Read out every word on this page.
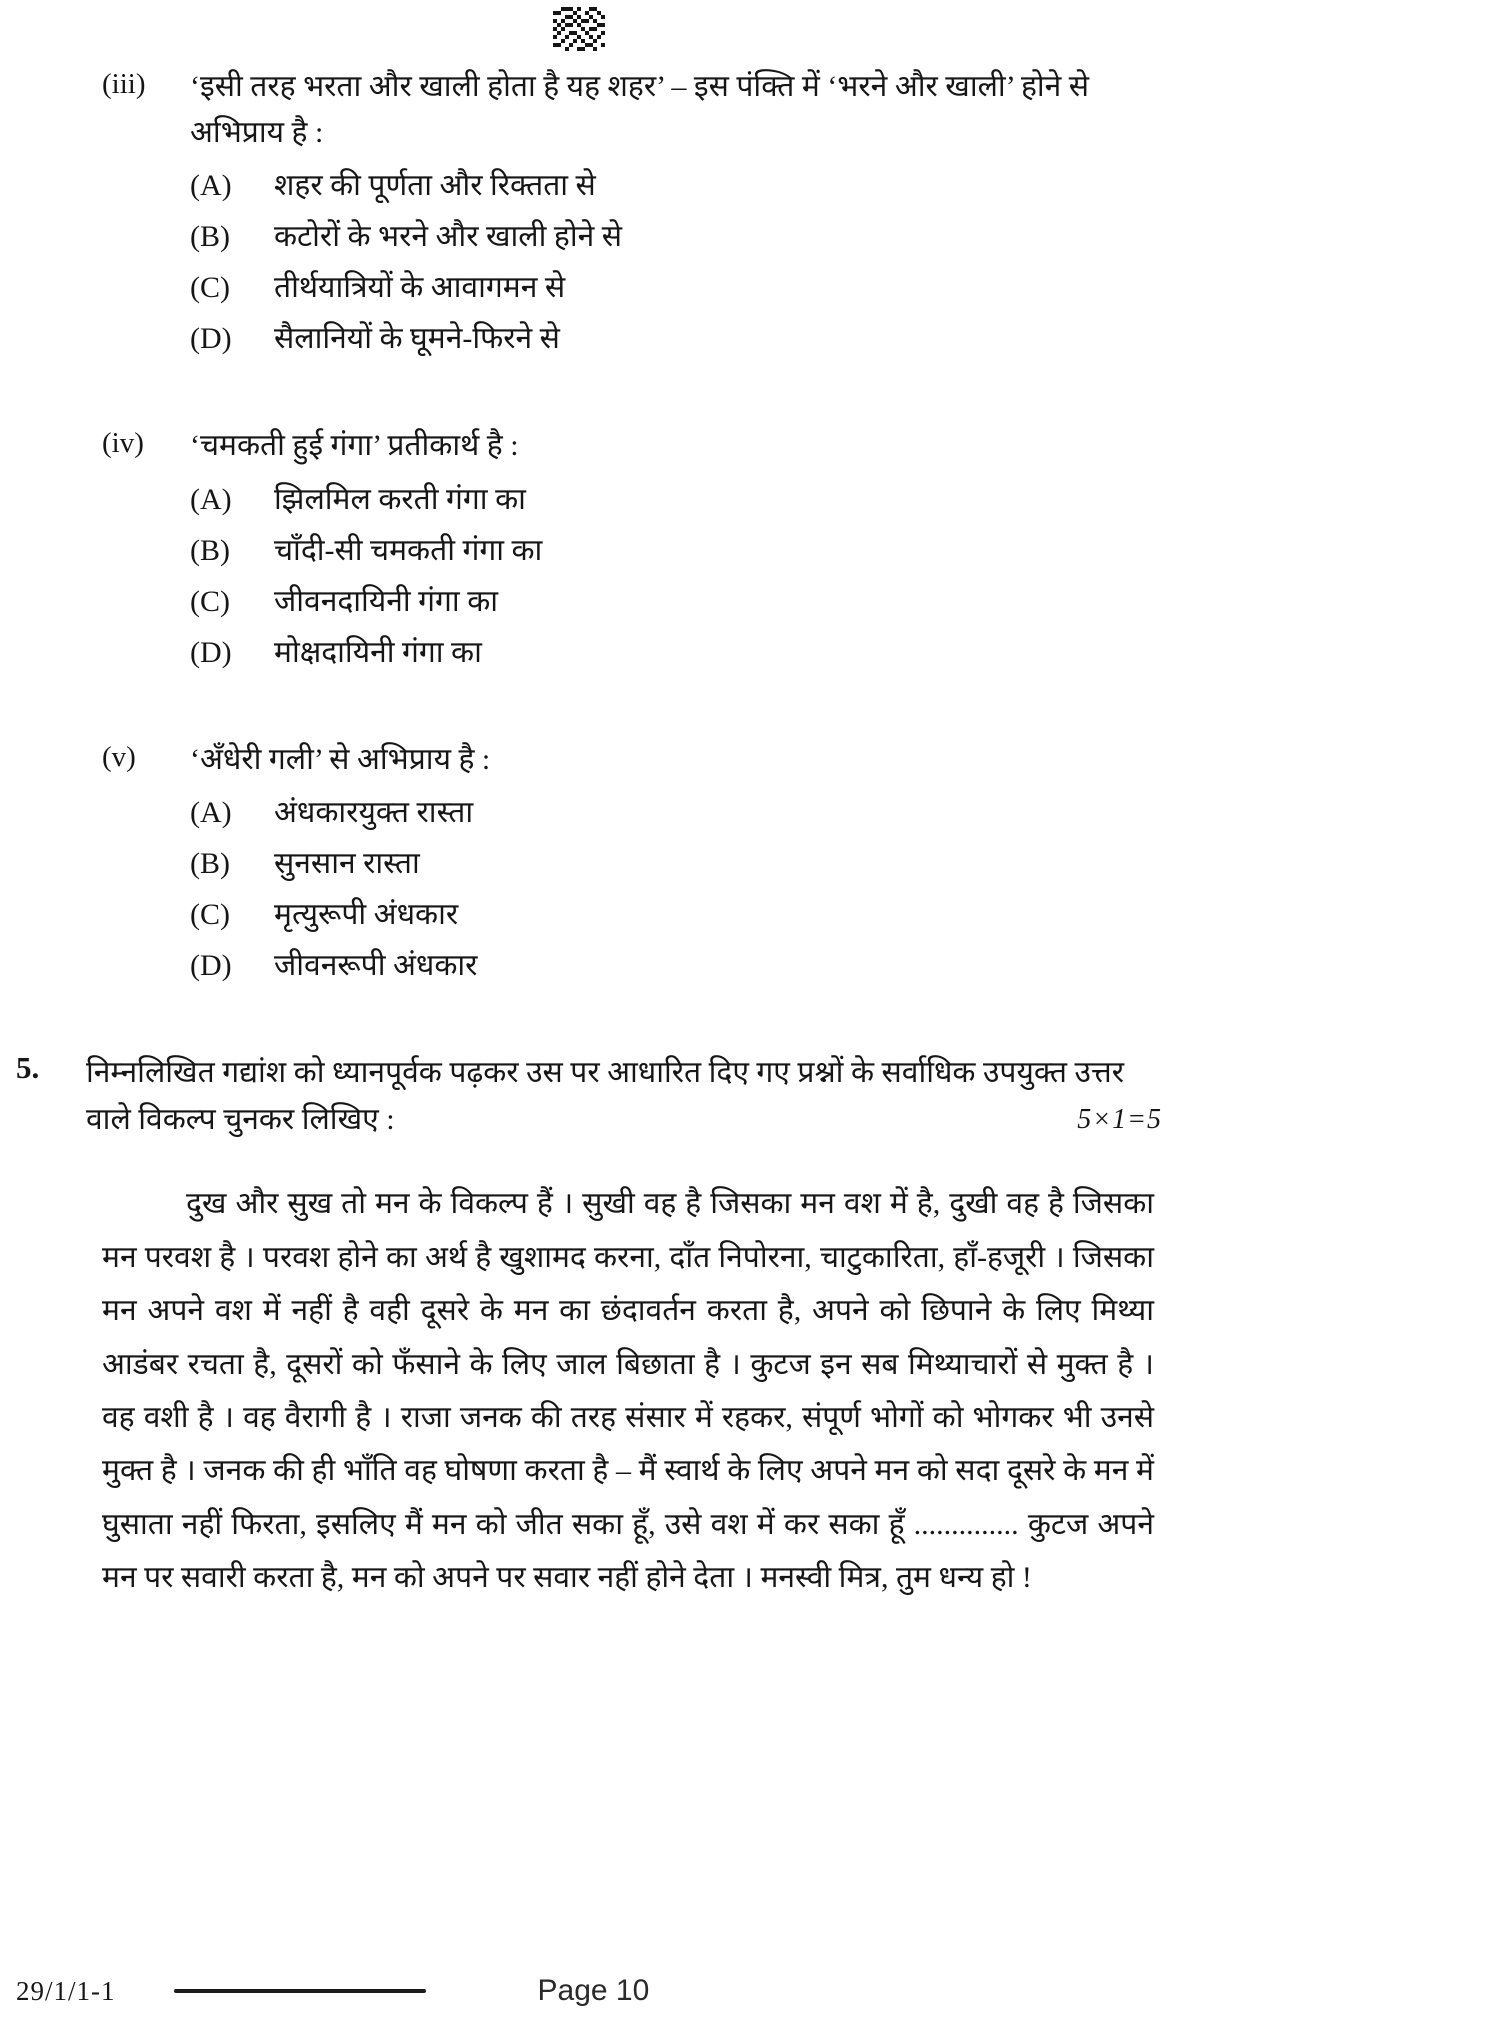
(iii)	‘इसी तरह भरता और खाली होता है यह शहर’ – इस पंक्ति में ‘भरने और खाली’ होने से अभिप्राय है :
(A)	शहर की पूर्णता और रिक्तता से
(B)	कटोरों के भरने और खाली होने से
(C)	तीर्थयात्रियों के आवागमन से
(D)	सैलानियों के घूमने-फिरने से
(iv)	‘चमकती हुई गंगा’ प्रतीकार्थ है :
(A)	झिलमिल करती गंगा का
(B)	चाँदी-सी चमकती गंगा का
(C)	जीवनदायिनी गंगा का
(D)	मोक्षदायिनी गंगा का
(v)	‘अँधेरी गली’ से अभिप्राय है :
(A)	अंधकारयुक्त रास्ता
(B)	सुनसान रास्ता
(C)	मृत्युरूपी अंधकार
(D)	जीवनरूपी अंधकार
5.	निम्नलिखित गद्यांश को ध्यानपूर्वक पढ़कर उस पर आधारित दिए गए प्रश्नों के सर्वाधिक उपयुक्त उत्तर वाले विकल्प चुनकर लिखिए :	5×1=5

दुख और सुख तो मन के विकल्प हैं । सुखी वह है जिसका मन वश में है, दुखी वह है जिसका मन परवश है । परवश होने का अर्थ है खुशामद करना, दाँत निपोरना, चाटुकारिता, हाँ-हजूरी । जिसका मन अपने वश में नहीं है वही दूसरे के मन का छंदावर्तन करता है, अपने को छिपाने के लिए मिथ्या आडंबर रचता है, दूसरों को फँसाने के लिए जाल बिछाता है । कुटज इन सब मिथ्याचारों से मुक्त है । वह वशी है । वह वैरागी है । राजा जनक की तरह संसार में रहकर, संपूर्ण भोगों को भोगकर भी उनसे मुक्त है । जनक की ही भाँति वह घोषणा करता है – मैं स्वार्थ के लिए अपने मन को सदा दूसरे के मन में घुसाता नहीं फिरता, इसलिए मैं मन को जीत सका हूँ, उसे वश में कर सका हूँ .............. कुटज अपने मन पर सवारी करता है, मन को अपने पर सवार नहीं होने देता । मनस्वी मित्र, तुम धन्य हो !

29/1/1-1	Page 10
